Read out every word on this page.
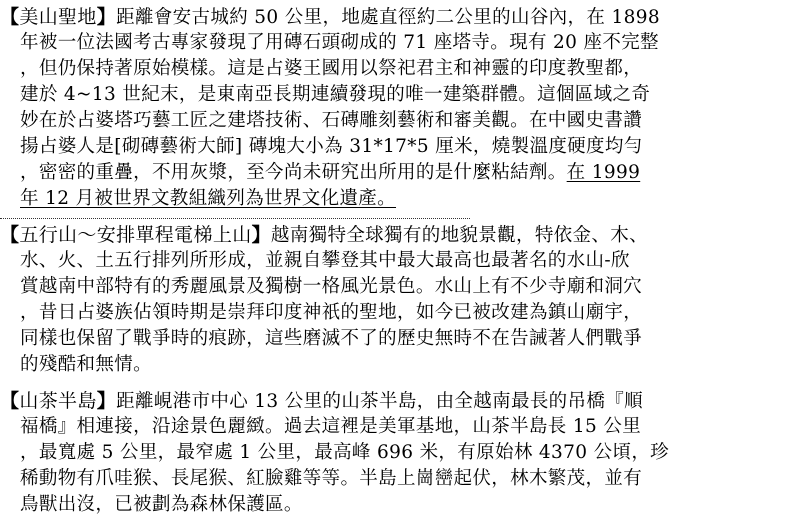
【美山聖地】距離會安古城約 50 公里，地處直徑約二公里的山谷內，在 1898
年被一位法國考古專家發現了用磚石頭砌成的 71 座塔寺。現有 20 座不完整
，但仍保持著原始模樣。這是占婆王國用以祭祀君主和神靈的印度教聖都，
建於 4~13 世紀末，是東南亞長期連續發現的唯一建築群體。這個區域之奇
妙在於占婆塔巧藝工匠之建塔技術、石磚雕刻藝術和審美觀。在中國史書讚
揚占婆人是[砌磚藝術大師] 磚塊大小為 31*17*5 厘米，燒製溫度硬度均勻
，密密的重疊，不用灰漿，至今尚未研究出所用的是什麼粘結劑。在 1999
年 12 月被世界文教組織列為世界文化遺產。
【五行山～安排單程電梯上山】越南獨特全球獨有的地貌景觀，特依金、木、
水、火、土五行排列所形成，並親自攀登其中最大最高也最著名的水山-欣
賞越南中部特有的秀麗風景及獨樹一格風光景色。水山上有不少寺廟和洞穴
，昔日占婆族佔領時期是崇拜印度神祇的聖地，如今已被改建為鎮山廟宇，
同樣也保留了戰爭時的痕跡，這些磨滅不了的歷史無時不在告誡著人們戰爭
的殘酷和無情。
【山茶半島】距離峴港市中心 13 公里的山茶半島，由全越南最長的吊橋『順
福橋』相連接，沿途景色麗緻。過去這裡是美軍基地，山茶半島長 15 公里
，最寬處 5 公里，最窄處 1 公里，最高峰 696 米，有原始林 4370 公頃，珍
稀動物有爪哇猴、長尾猴、紅臉雞等等。半島上崗巒起伏，林木繁茂，並有
鳥獸出沒，已被劃為森林保護區。
